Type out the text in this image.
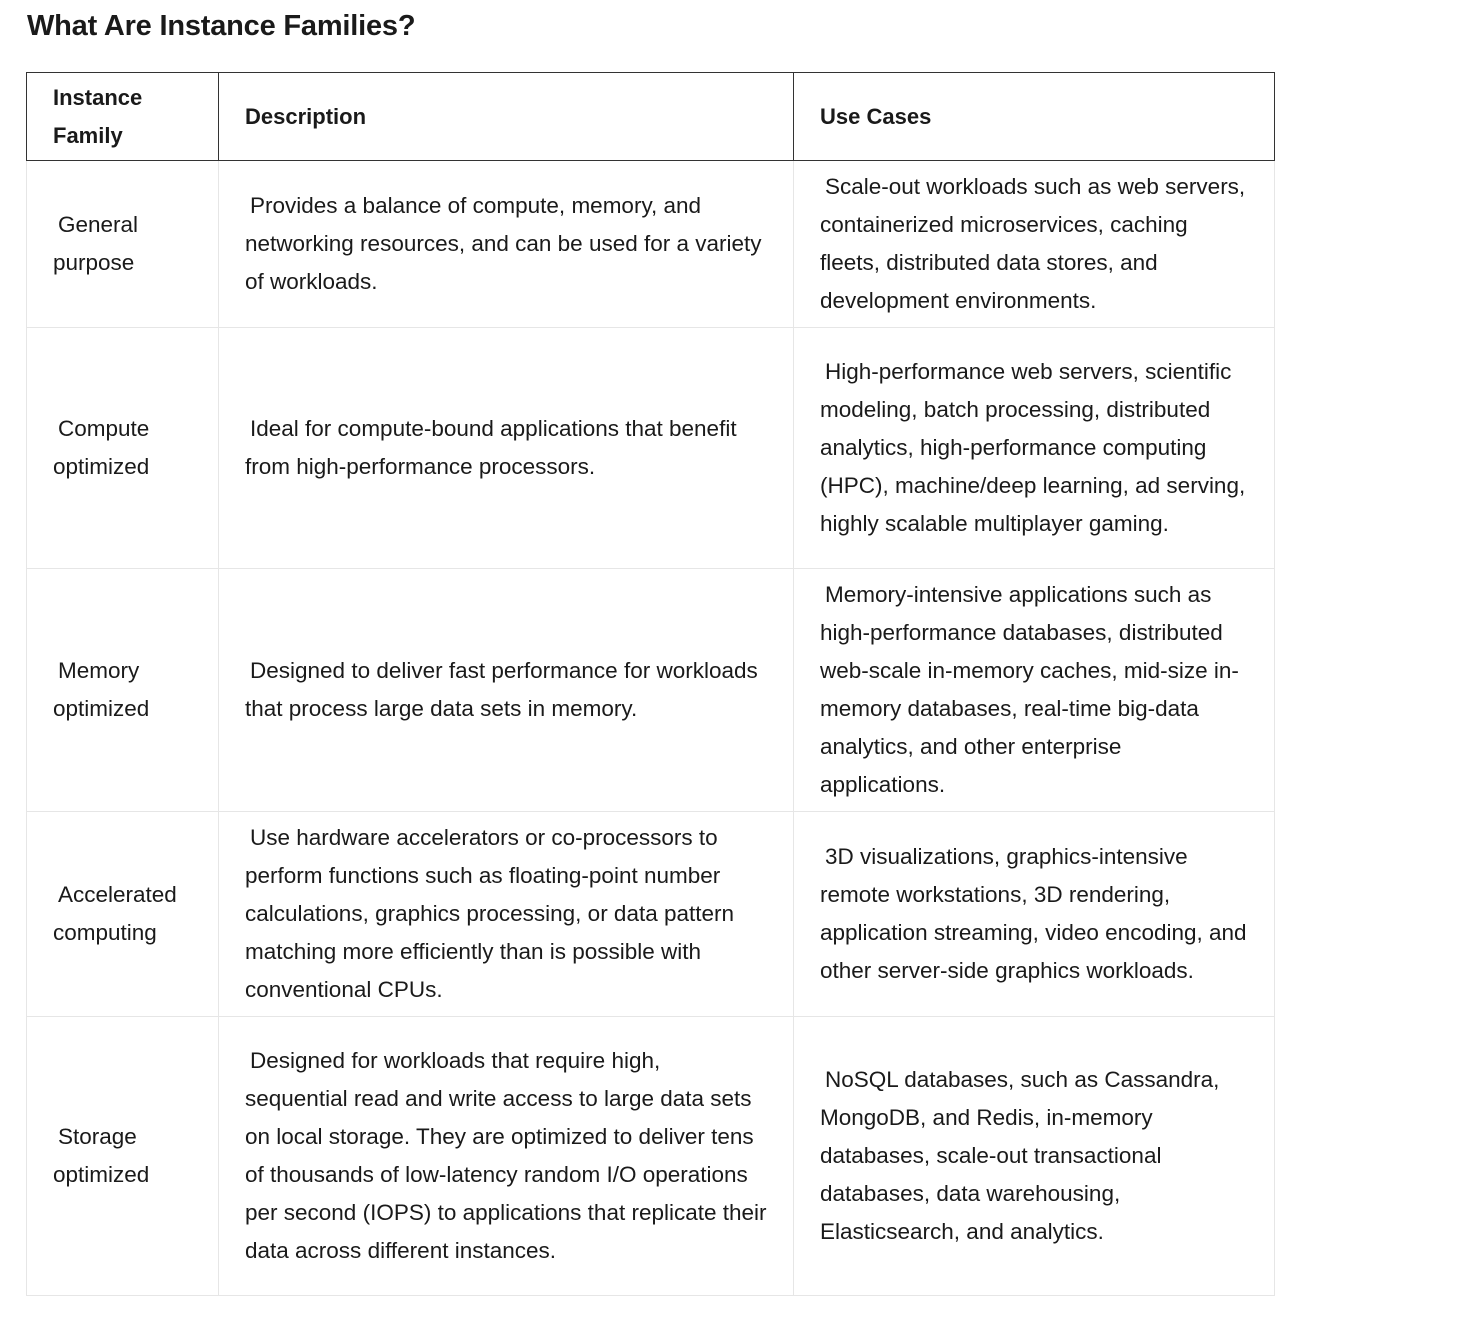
What Are Instance Families?
Instance Family	Description	Use Cases

General purpose	Provides a balance of compute, memory, and networking resources, and can be used for a variety of workloads.	Scale-out workloads such as web servers, containerized microservices, caching fleets, distributed data stores, and development environments.

Compute optimized	Ideal for compute-bound applications that benefit from high-performance processors.	High-performance web servers, scientific modeling, batch processing, distributed analytics, high-performance computing (HPC), machine/deep learning, ad serving, highly scalable multiplayer gaming.

Memory optimized	Designed to deliver fast performance for workloads that process large data sets in memory.	Memory-intensive applications such as high-performance databases, distributed web-scale in-memory caches, mid-size in-memory databases, real-time big-data analytics, and other enterprise applications.

Accelerated computing	Use hardware accelerators or co-processors to perform functions such as floating-point number calculations, graphics processing, or data pattern matching more efficiently than is possible with conventional CPUs.	3D visualizations, graphics-intensive remote workstations, 3D rendering, application streaming, video encoding, and other server-side graphics workloads.

Storage optimized	Designed for workloads that require high, sequential read and write access to large data sets on local storage. They are optimized to deliver tens of thousands of low-latency random I/O operations per second (IOPS) to applications that replicate their data across different instances.	NoSQL databases, such as Cassandra, MongoDB, and Redis, in-memory databases, scale-out transactional databases, data warehousing, Elasticsearch, and analytics.
